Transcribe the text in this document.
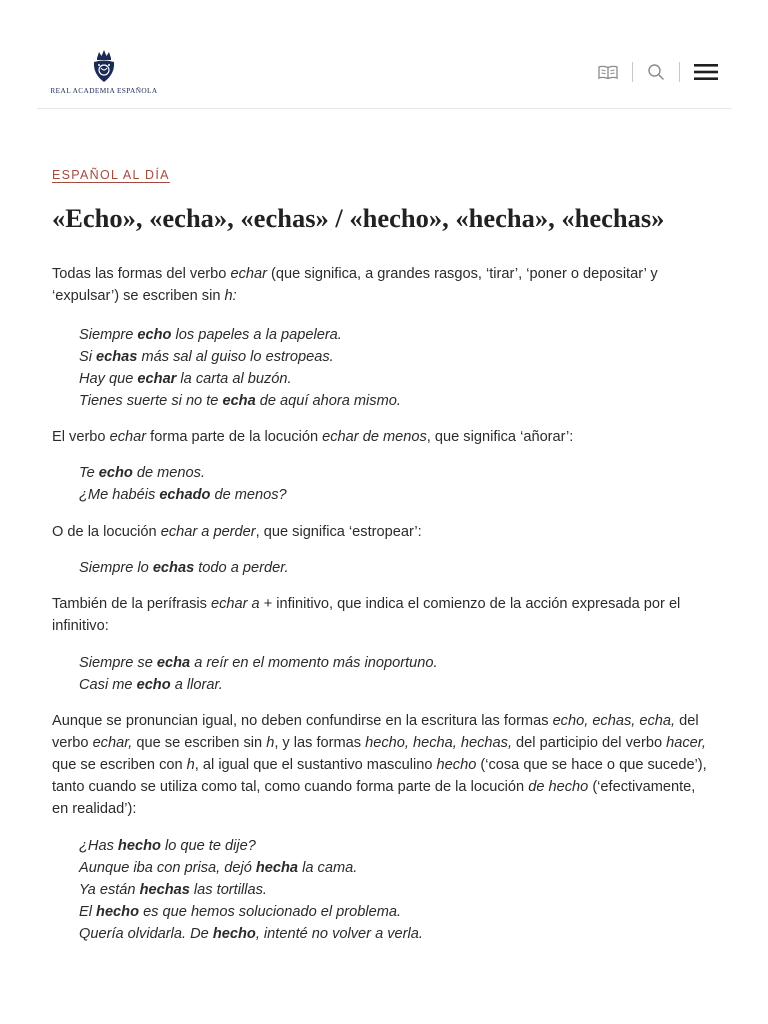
REAL ACADEMIA ESPAÑOLA
ESPAÑOL AL DÍA
«Echo», «echa», «echas» / «hecho», «hecha», «hechas»

Todas las formas del verbo echar (que significa, a grandes rasgos, ‘tirar’, ‘poner o depositar’ y ‘expulsar’) se escriben sin h:

Siempre echo los papeles a la papelera.
Si echas más sal al guiso lo estropeas.
Hay que echar la carta al buzón.
Tienes suerte si no te echa de aquí ahora mismo.

El verbo echar forma parte de la locución echar de menos, que significa ‘añorar’:

Te echo de menos.
¿Me habéis echado de menos?

O de la locución echar a perder, que significa ‘estropear’:

Siempre lo echas todo a perder.

También de la perífrasis echar a + infinitivo, que indica el comienzo de la acción expresada por el infinitivo:

Siempre se echa a reír en el momento más inoportuno.
Casi me echo a llorar.

Aunque se pronuncian igual, no deben confundirse en la escritura las formas echo, echas, echa, del verbo echar, que se escriben sin h, y las formas hecho, hecha, hechas, del participio del verbo hacer, que se escriben con h, al igual que el sustantivo masculino hecho (‘cosa que se hace o que sucede’), tanto cuando se utiliza como tal, como cuando forma parte de la locución de hecho (‘efectivamente, en realidad’):

¿Has hecho lo que te dije?
Aunque iba con prisa, dejó hecha la cama.
Ya están hechas las tortillas.
El hecho es que hemos solucionado el problema.
Quería olvidarla. De hecho, intenté no volver a verla.
